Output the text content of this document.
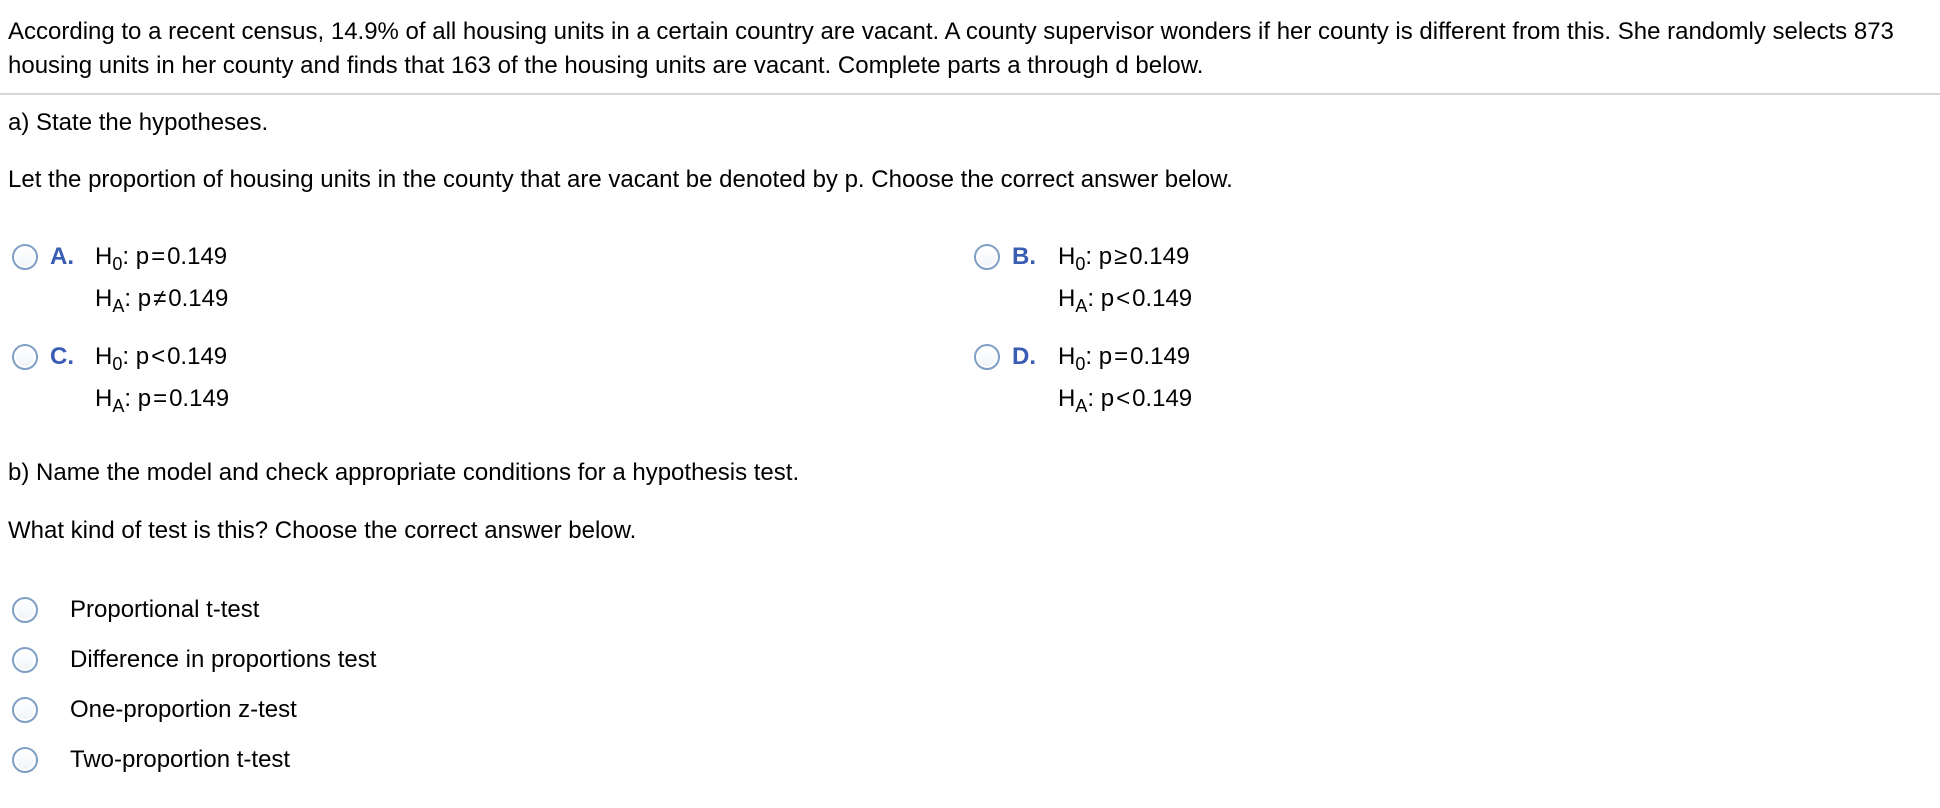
According to a recent census, 14.9% of all housing units in a certain country are vacant. A county supervisor wonders if her county is different from this. She randomly selects 873 housing units in her county and finds that 163 of the housing units are vacant. Complete parts a through d below.
a) State the hypotheses.
Let the proportion of housing units in the county that are vacant be denoted by p. Choose the correct answer below.
A. $H_0$: p=0.149
$H_A$: p≠0.149
B. $H_0$: p≥0.149
$H_A$: p<0.149
C. $H_0$: p<0.149
$H_A$: p=0.149
D. $H_0$: p=0.149
$H_A$: p<0.149
b) Name the model and check appropriate conditions for a hypothesis test.
What kind of test is this? Choose the correct answer below.
Proportional t-test
Difference in proportions test
One-proportion z-test
Two-proportion t-test
